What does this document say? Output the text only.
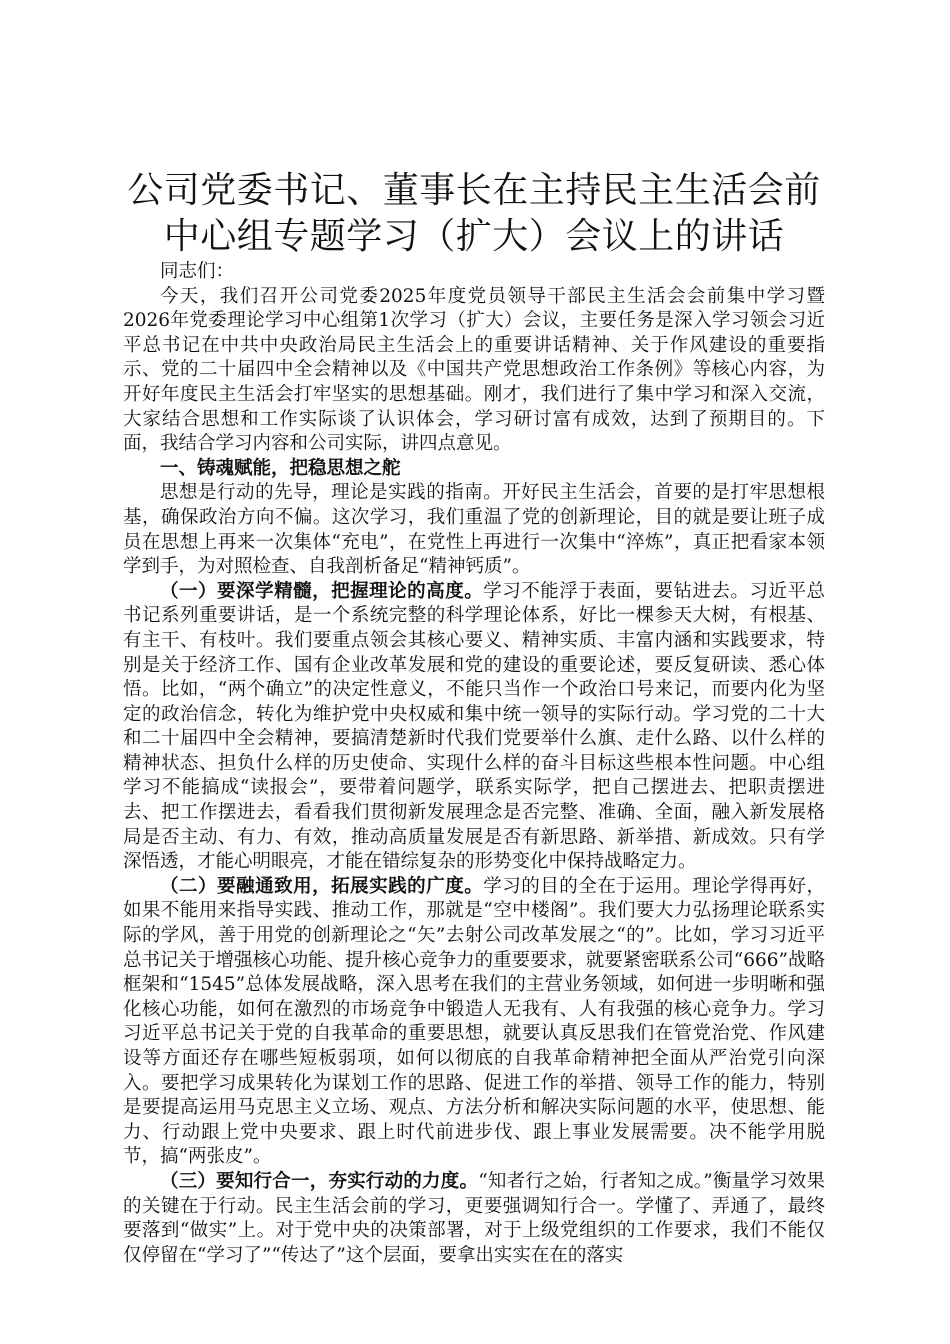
公司党委书记、董事长在主持民主生活会前中心组专题学习（扩大）会议上的讲话

同志们：

今天，我们召开公司党委2025年度党员领导干部民主生活会会前集中学习暨2026年党委理论学习中心组第1次学习（扩大）会议，主要任务是深入学习领会习近平总书记在中共中央政治局民主生活会上的重要讲话精神、关于作风建设的重要指示、党的二十届四中全会精神以及《中国共产党思想政治工作条例》等核心内容，为开好年度民主生活会打牢坚实的思想基础。刚才，我们进行了集中学习和深入交流，大家结合思想和工作实际谈了认识体会，学习研讨富有成效，达到了预期目的。下面，我结合学习内容和公司实际，讲四点意见。

一、铸魂赋能，把稳思想之舵

思想是行动的先导，理论是实践的指南。开好民主生活会，首要的是打牢思想根基，确保政治方向不偏。这次学习，我们重温了党的创新理论，目的就是要让班子成员在思想上再来一次集体“充电”，在党性上再进行一次集中“淬炼”，真正把看家本领学到手，为对照检查、自我剖析备足“精神钙质”。

（一）要深学精髓，把握理论的高度。学习不能浮于表面，要钻进去。习近平总书记系列重要讲话，是一个系统完整的科学理论体系，好比一棵参天大树，有根基、有主干、有枝叶。我们要重点领会其核心要义、精神实质、丰富内涵和实践要求，特别是关于经济工作、国有企业改革发展和党的建设的重要论述，要反复研读、悉心体悟。比如，“两个确立”的决定性意义，不能只当作一个政治口号来记，而要内化为坚定的政治信念，转化为维护党中央权威和集中统一领导的实际行动。学习党的二十大和二十届四中全会精神，要搞清楚新时代我们党要举什么旗、走什么路、以什么样的精神状态、担负什么样的历史使命、实现什么样的奋斗目标这些根本性问题。中心组学习不能搞成“读报会”，要带着问题学，联系实际学，把自己摆进去、把职责摆进去、把工作摆进去，看看我们贯彻新发展理念是否完整、准确、全面，融入新发展格局是否主动、有力、有效，推动高质量发展是否有新思路、新举措、新成效。只有学深悟透，才能心明眼亮，才能在错综复杂的形势变化中保持战略定力。

（二）要融通致用，拓展实践的广度。学习的目的全在于运用。理论学得再好，如果不能用来指导实践、推动工作，那就是“空中楼阁”。我们要大力弘扬理论联系实际的学风，善于用党的创新理论之“矢”去射公司改革发展之“的”。比如，学习习近平总书记关于增强核心功能、提升核心竞争力的重要要求，就要紧密联系公司“666”战略框架和“1545”总体发展战略，深入思考在我们的主营业务领域，如何进一步明晰和强化核心功能，如何在激烈的市场竞争中锻造人无我有、人有我强的核心竞争力。学习习近平总书记关于党的自我革命的重要思想，就要认真反思我们在管党治党、作风建设等方面还存在哪些短板弱项，如何以彻底的自我革命精神把全面从严治党引向深入。要把学习成果转化为谋划工作的思路、促进工作的举措、领导工作的能力，特别是要提高运用马克思主义立场、观点、方法分析和解决实际问题的水平，使思想、能力、行动跟上党中央要求、跟上时代前进步伐、跟上事业发展需要。决不能学用脱节，搞“两张皮”。

（三）要知行合一，夯实行动的力度。“知者行之始，行者知之成。”衡量学习效果的关键在于行动。民主生活会前的学习，更要强调知行合一。学懂了、弄通了，最终要落到“做实”上。对于党中央的决策部署，对于上级党组织的工作要求，我们不能仅仅停留在“学习了”“传达了”这个层面，要拿出实实在在的落实
